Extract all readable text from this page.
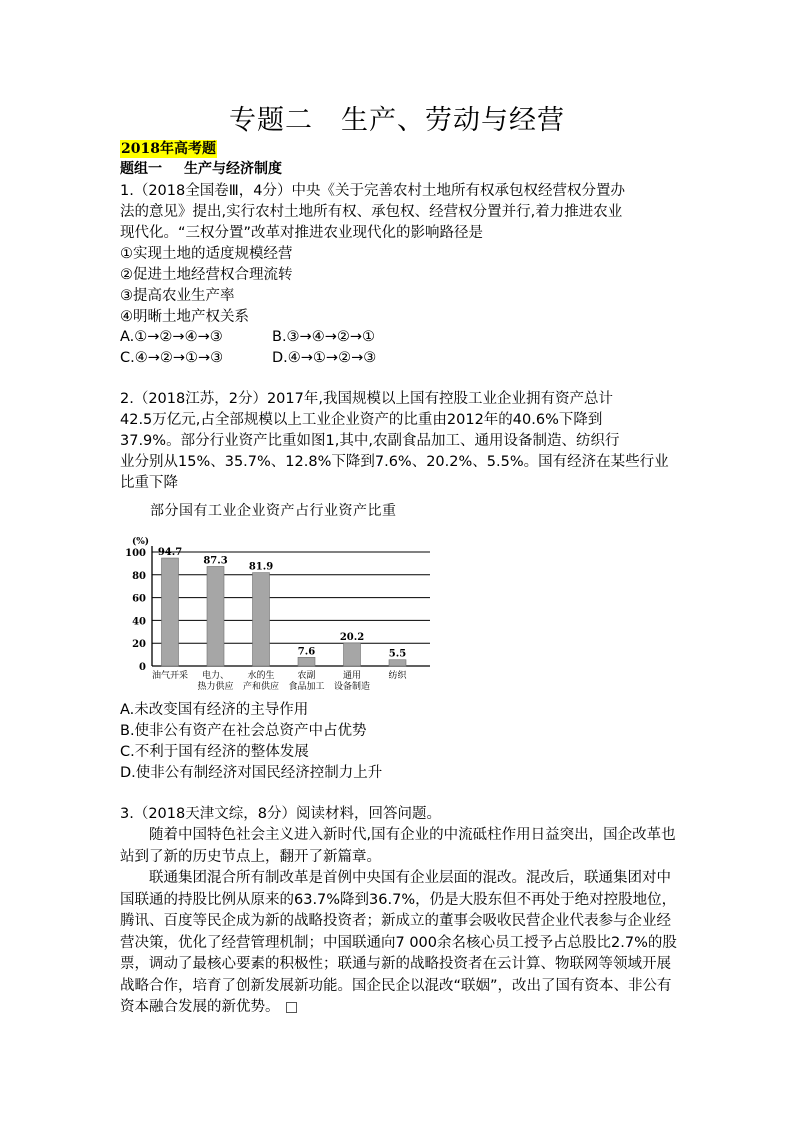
专题二　生产、劳动与经营
2018年高考题
题组一 生产与经济制度
1.（2018全国卷Ⅲ，4分）中央《关于完善农村土地所有权承包权经营权分置办
法的意见》提出,实行农村土地所有权、承包权、经营权分置并行,着力推进农业
现代化。“三权分置”改革对推进农业现代化的影响路径是
①实现土地的适度规模经营
②促进土地经营权合理流转
③提高农业生产率
④明晰土地产权关系
A.①→②→④→③	B.③→④→②→①
C.④→②→①→③	D.④→①→②→③
2.（2018江苏，2分）2017年,我国规模以上国有控股工业企业拥有资产总计
42.5万亿元,占全部规模以上工业企业资产的比重由2012年的40.6%下降到
37.9%。部分行业资产比重如图1,其中,农副食品加工、通用设备制造、纺织行
业分别从15%、35.7%、12.8%下降到7.6%、20.2%、5.5%。国有经济在某些行业
比重下降
部分国有工业企业资产占行业资产比重
(%)
0
20
40
60
80
100 94.7
油气开采
87.3
电力、
热力供应
81.9
水的生
产和供应
7.6
农副
食品加工
20.2
通用
设备制造
5.5
纺织
A.未改变国有经济的主导作用
B.使非公有资产在社会总资产中占优势
C.不利于国有经济的整体发展
D.使非公有制经济对国民经济控制力上升
3.（2018天津文综，8分）阅读材料，回答问题。
随着中国特色社会主义进入新时代,国有企业的中流砥柱作用日益突出，国企改革也站到了新的历史节点上，翻开了新篇章。
联通集团混合所有制改革是首例中央国有企业层面的混改。混改后，联通集团对中国联通的持股比例从原来的63.7%降到36.7%，仍是大股东但不再处于绝对控股地位，腾讯、百度等民企成为新的战略投资者；新成立的董事会吸收民营企业代表参与企业经营决策，优化了经营管理机制；中国联通向7 000余名核心员工授予占总股比2.7%的股票，调动了最核心要素的积极性；联通与新的战略投资者在云计算、物联网等领域开展战略合作，培育了创新发展新功能。国企民企以混改“联姻”，改出了国有资本、非公有资本融合发展的新优势。
